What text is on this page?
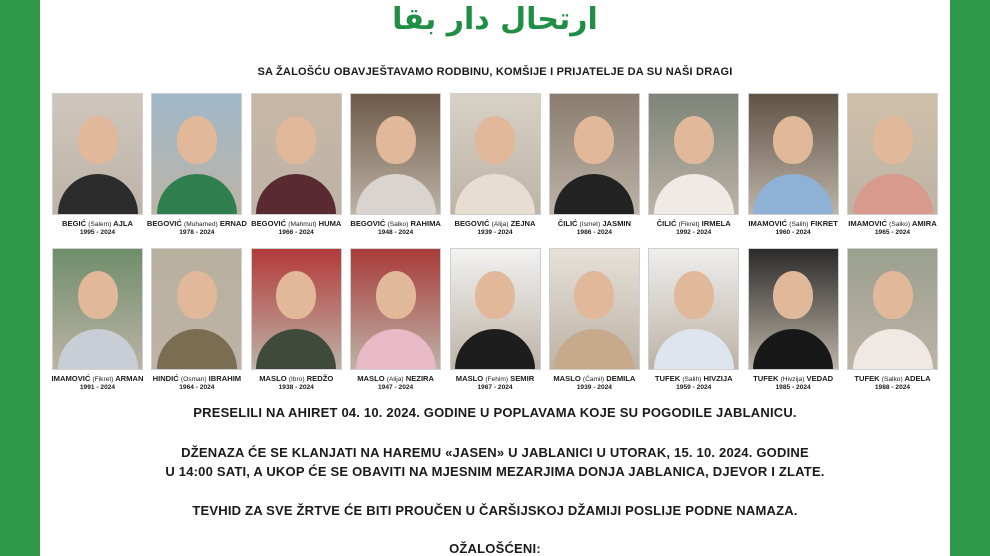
ارتحال دار بقا
SA ŽALOŠĆU OBAVJEŠTAVAMO RODBINU, KOMŠIJE I PRIJATELJE DA SU NAŠI DRAGI
BEGIĆ (Salem) AJLA
1995 - 2024
BEGOVIĆ (Muhamed) ERNAD
1978 - 2024
BEGOVIĆ (Mahmut) HUMA
1966 - 2024
BEGOVIĆ (Salko) RAHIMA
1948 - 2024
BEGOVIĆ (Alija) ZEJNA
1939 - 2024
ČILIĆ (Ismet) JASMIN
1986 - 2024
ČILIĆ (Fikret) IRMELA
1992 - 2024
IMAMOVIĆ (Salih) FIKRET
1960 - 2024
IMAMOVIĆ (Salko) AMIRA
1965 - 2024
IMAMOVIĆ (Fikret) ARMAN
1991 - 2024
HINDIĆ (Osman) IBRAHIM
1964 - 2024
MASLO (Ibro) REDŽO
1938 - 2024
MASLO (Alija) NEZIRA
1947 - 2024
MASLO (Fehim) SEMIR
1967 - 2024
MASLO (Ćamil) DEMILA
1939 - 2024
TUFEK (Salih) HIVZIJA
1959 - 2024
TUFEK (Hivzija) VEDAD
1985 - 2024
TUFEK (Salko) ADELA
1988 - 2024
PRESELILI NA AHIRET 04. 10. 2024. GODINE U POPLAVAMA KOJE SU POGODILE JABLANICU.
DŽENAZA ĆE SE KLANJATI NA HAREMU «JASEN» U JABLANICI U UTORAK, 15. 10. 2024. GODINE
U 14:00 SATI, A UKOP ĆE SE OBAVITI NA MJESNIM MEZARJIMA DONJA JABLANICA, DJEVOR I ZLATE.
TEVHID ZA SVE ŽRTVE ĆE BITI PROUČEN U ČARŠIJSKOJ DŽAMIJI POSLIJE PODNE NAMAZA.
OŽALOŠĆENI:
